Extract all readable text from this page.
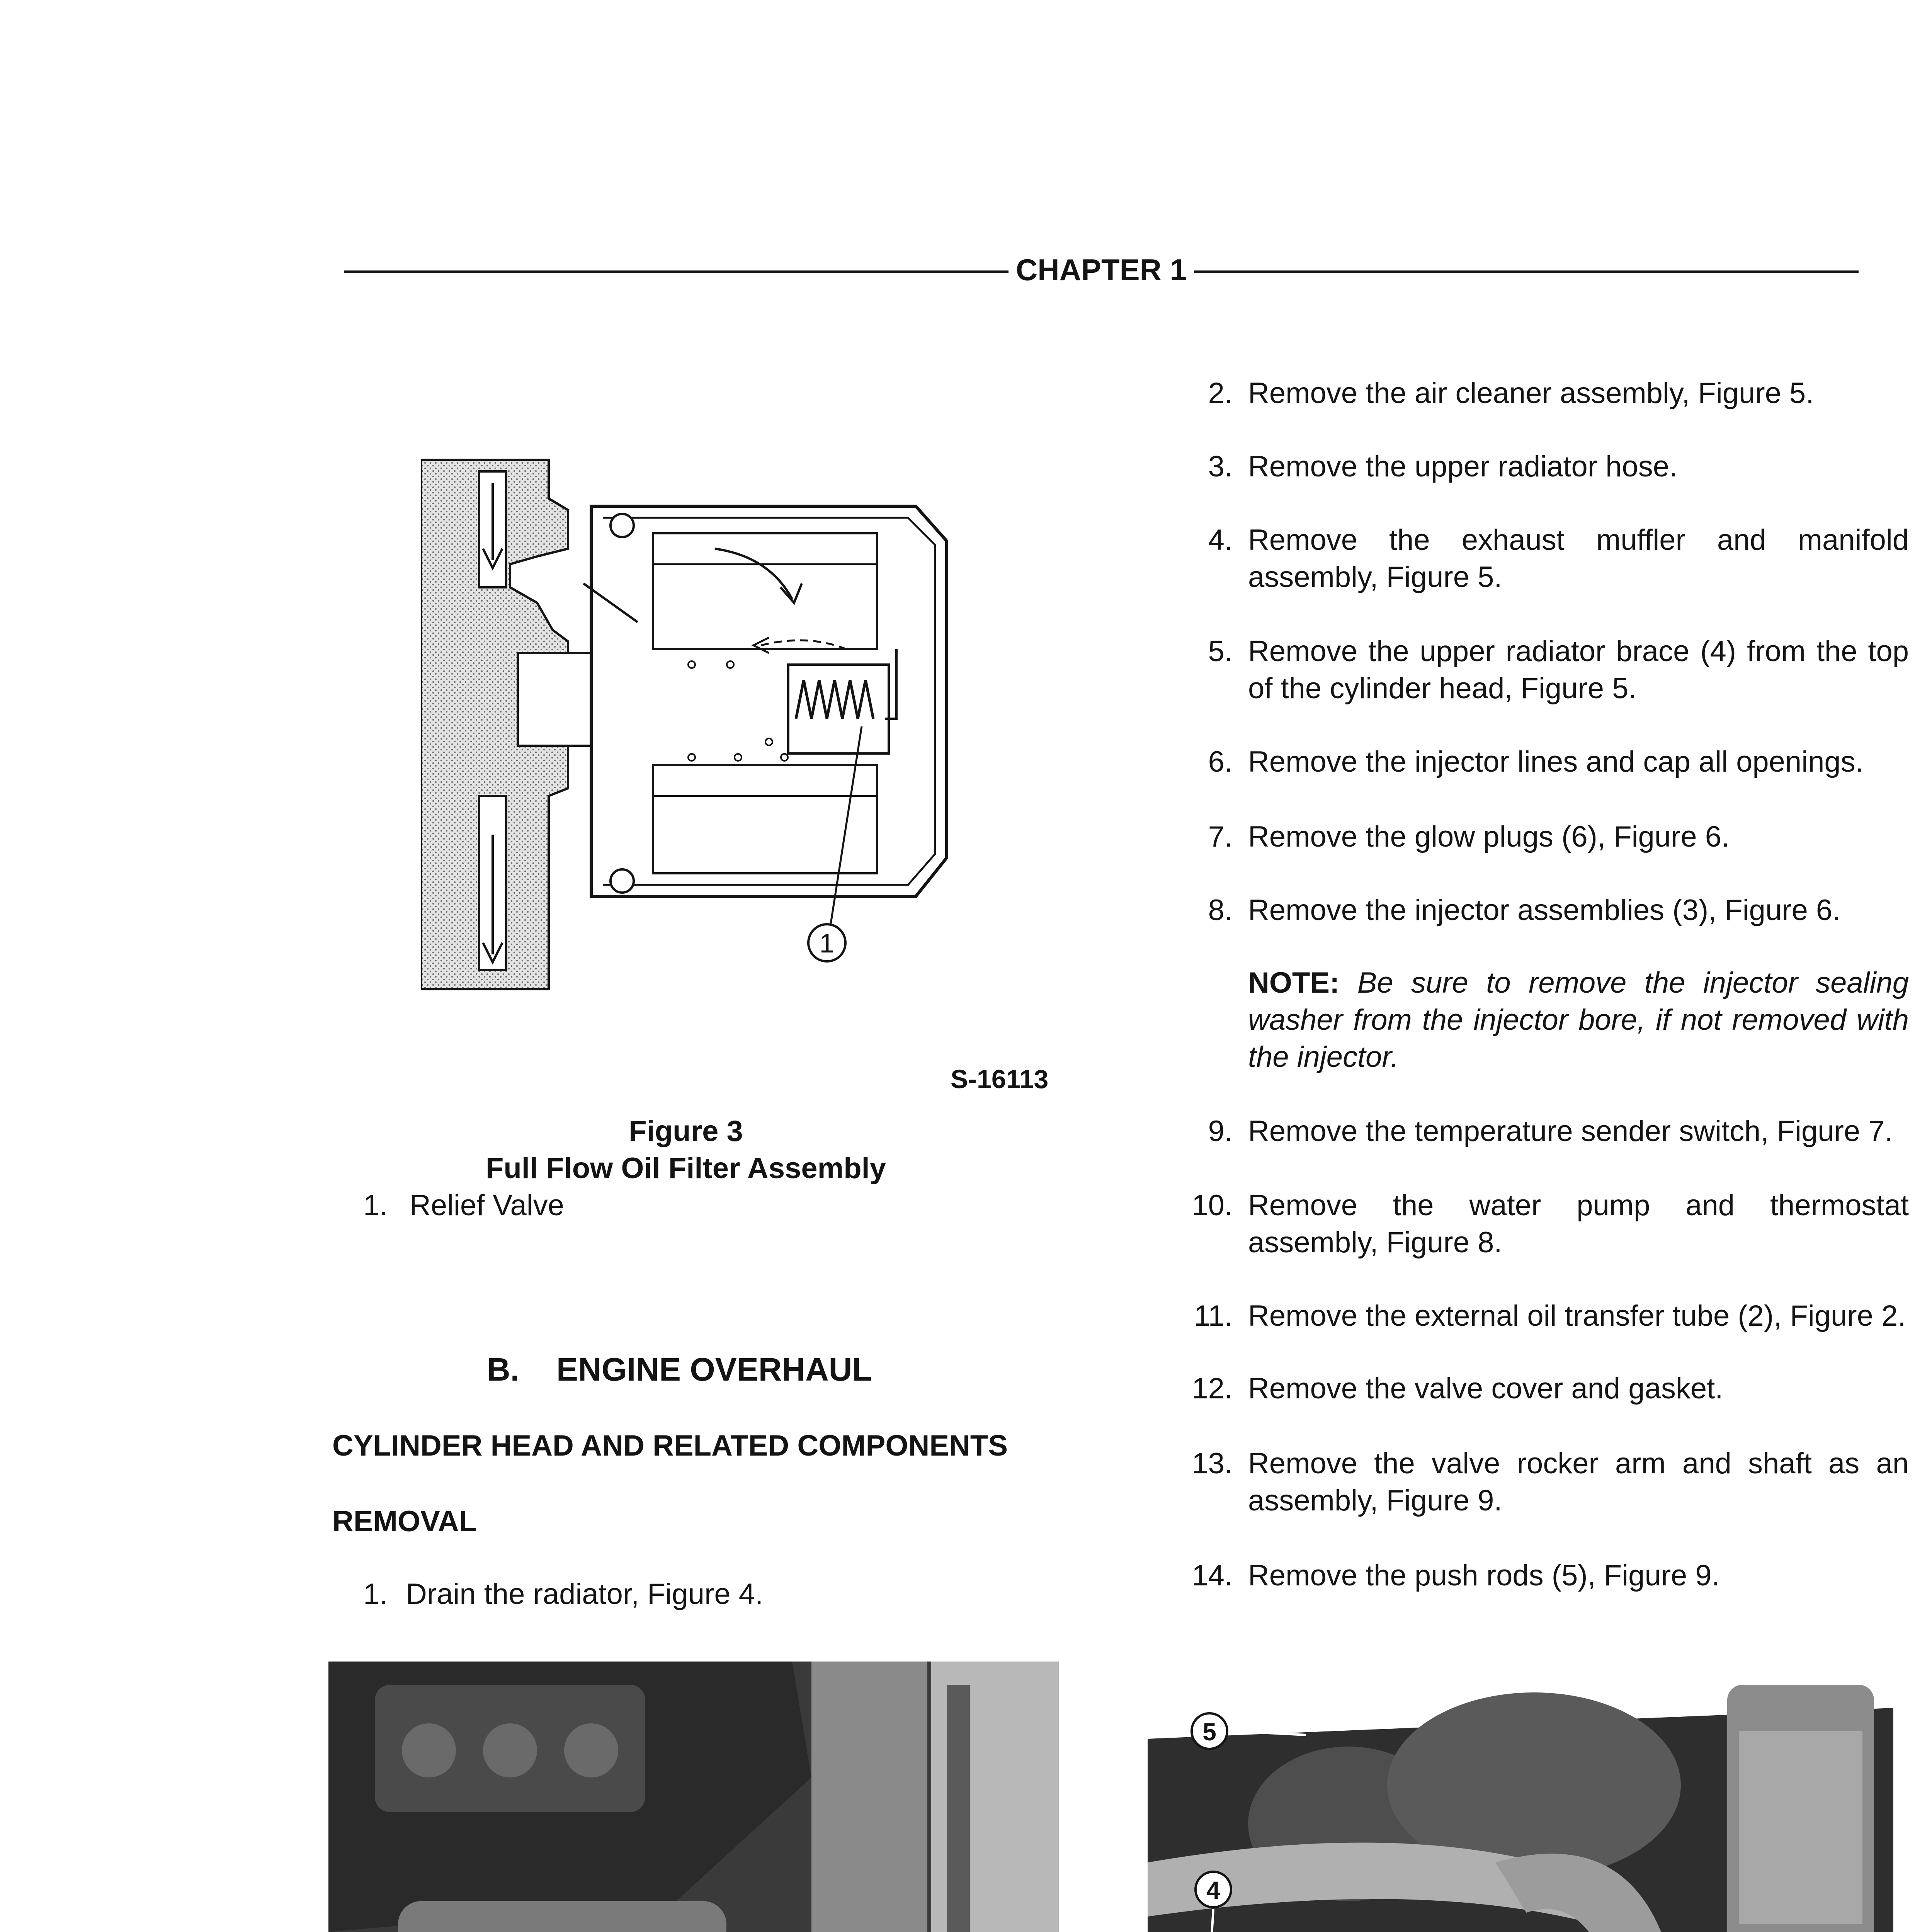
CHAPTER 1
1
S-16113
Figure 3
Full Flow Oil Filter Assembly
1. Relief Valve
B. ENGINE OVERHAUL
CYLINDER HEAD AND RELATED COMPONENTS
REMOVAL
1. Drain the radiator, Figure 4.
2. Remove the air cleaner assembly, Figure 5.
3. Remove the upper radiator hose.
4. Remove the exhaust muffler and manifold assembly, Figure 5.
5. Remove the upper radiator brace (4) from the top of the cylinder head, Figure 5.
6. Remove the injector lines and cap all openings.
7. Remove the glow plugs (6), Figure 6.
8. Remove the injector assemblies (3), Figure 6.
NOTE: Be sure to remove the injector sealing washer from the injector bore, if not removed with the injector.
9. Remove the temperature sender switch, Figure 7.
10. Remove the water pump and thermostat assembly, Figure 8.
11. Remove the external oil transfer tube (2), Figure 2.
12. Remove the valve cover and gasket.
13. Remove the valve rocker arm and shaft as an assembly, Figure 9.
14. Remove the push rods (5), Figure 9.
5
4
